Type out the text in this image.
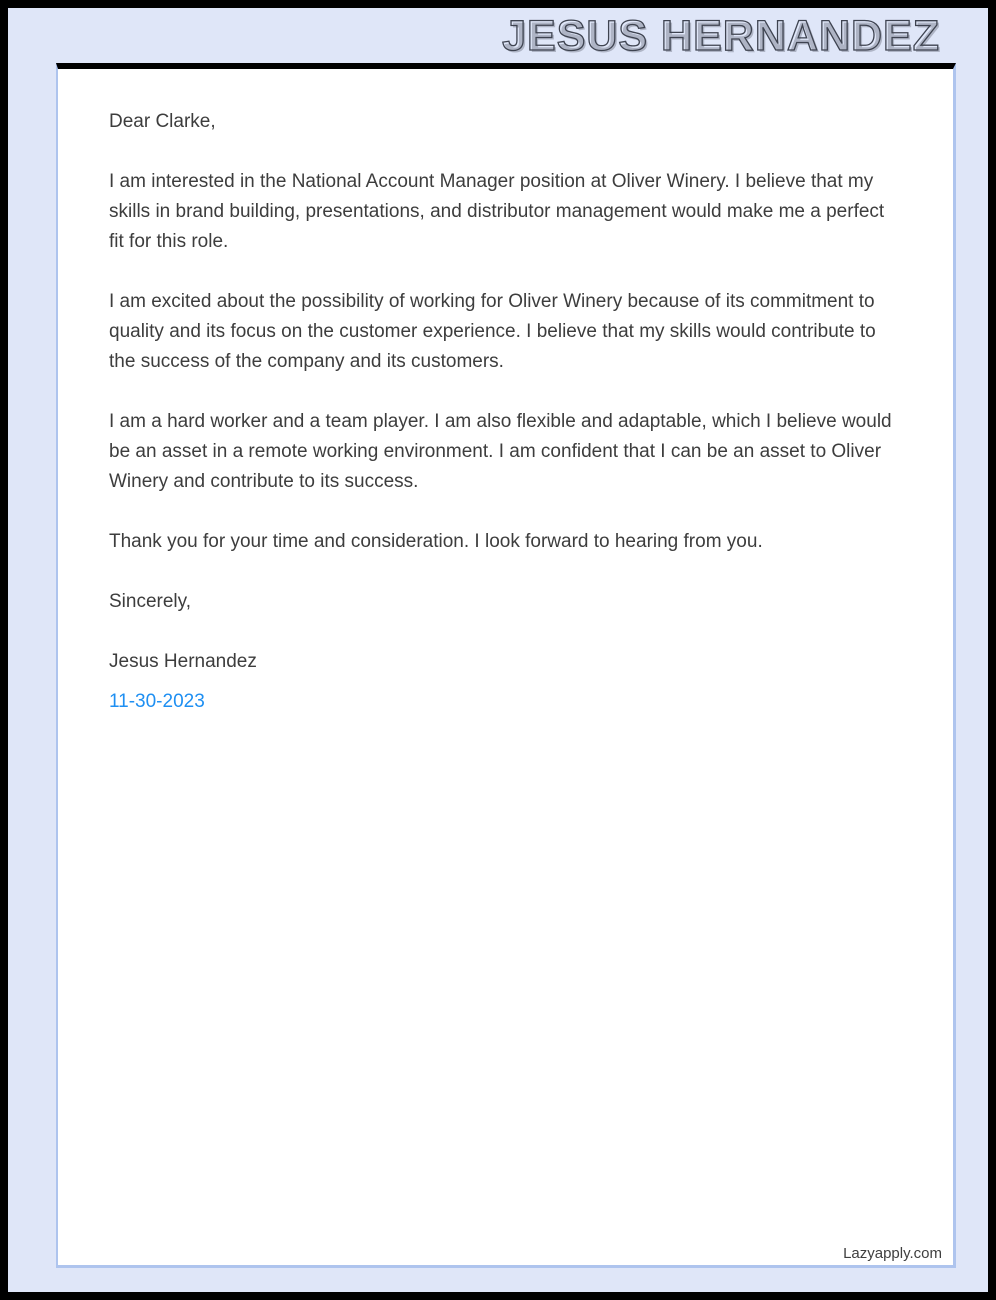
JESUS HERNANDEZ

Dear Clarke,

I am interested in the National Account Manager position at Oliver Winery. I believe that my skills in brand building, presentations, and distributor management would make me a perfect fit for this role.

I am excited about the possibility of working for Oliver Winery because of its commitment to quality and its focus on the customer experience. I believe that my skills would contribute to the success of the company and its customers.

I am a hard worker and a team player. I am also flexible and adaptable, which I believe would be an asset in a remote working environment. I am confident that I can be an asset to Oliver Winery and contribute to its success.

Thank you for your time and consideration. I look forward to hearing from you.

Sincerely,

Jesus Hernandez

11-30-2023

Lazyapply.com
